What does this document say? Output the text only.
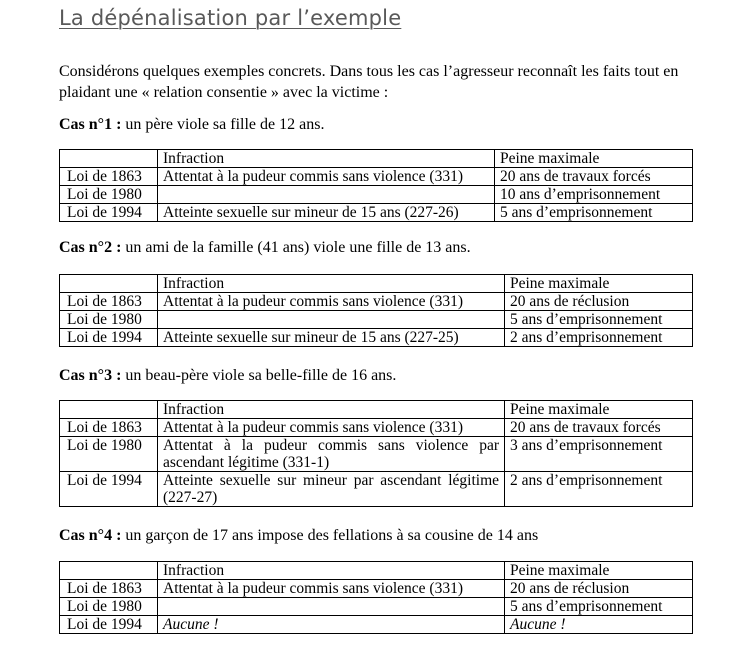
La dépénalisation par l’exemple

Considérons quelques exemples concrets. Dans tous les cas l’agresseur reconnaît les faits tout en plaidant une « relation consentie » avec la victime :

Cas n°1 : un père viole sa fille de 12 ans.

	Infraction	Peine maximale
Loi de 1863	Attentat à la pudeur commis sans violence (331)	20 ans de travaux forcés
Loi de 1980		10 ans d’emprisonnement
Loi de 1994	Atteinte sexuelle sur mineur de 15 ans (227-26)	5 ans d’emprisonnement

Cas n°2 : un ami de la famille (41 ans) viole une fille de 13 ans.

	Infraction	Peine maximale
Loi de 1863	Attentat à la pudeur commis sans violence (331)	20 ans de réclusion
Loi de 1980		5 ans d’emprisonnement
Loi de 1994	Atteinte sexuelle sur mineur de 15 ans (227-25)	2 ans d’emprisonnement

Cas n°3 : un beau-père viole sa belle-fille de 16 ans.

	Infraction	Peine maximale
Loi de 1863	Attentat à la pudeur commis sans violence (331)	20 ans de travaux forcés
Loi de 1980	Attentat à la pudeur commis sans violence par ascendant légitime (331-1)	3 ans d’emprisonnement
Loi de 1994	Atteinte sexuelle sur mineur par ascendant légitime (227-27)	2 ans d’emprisonnement

Cas n°4 : un garçon de 17 ans impose des fellations à sa cousine de 14 ans

	Infraction	Peine maximale
Loi de 1863	Attentat à la pudeur commis sans violence (331)	20 ans de réclusion
Loi de 1980		5 ans d’emprisonnement
Loi de 1994	Aucune !	Aucune !
